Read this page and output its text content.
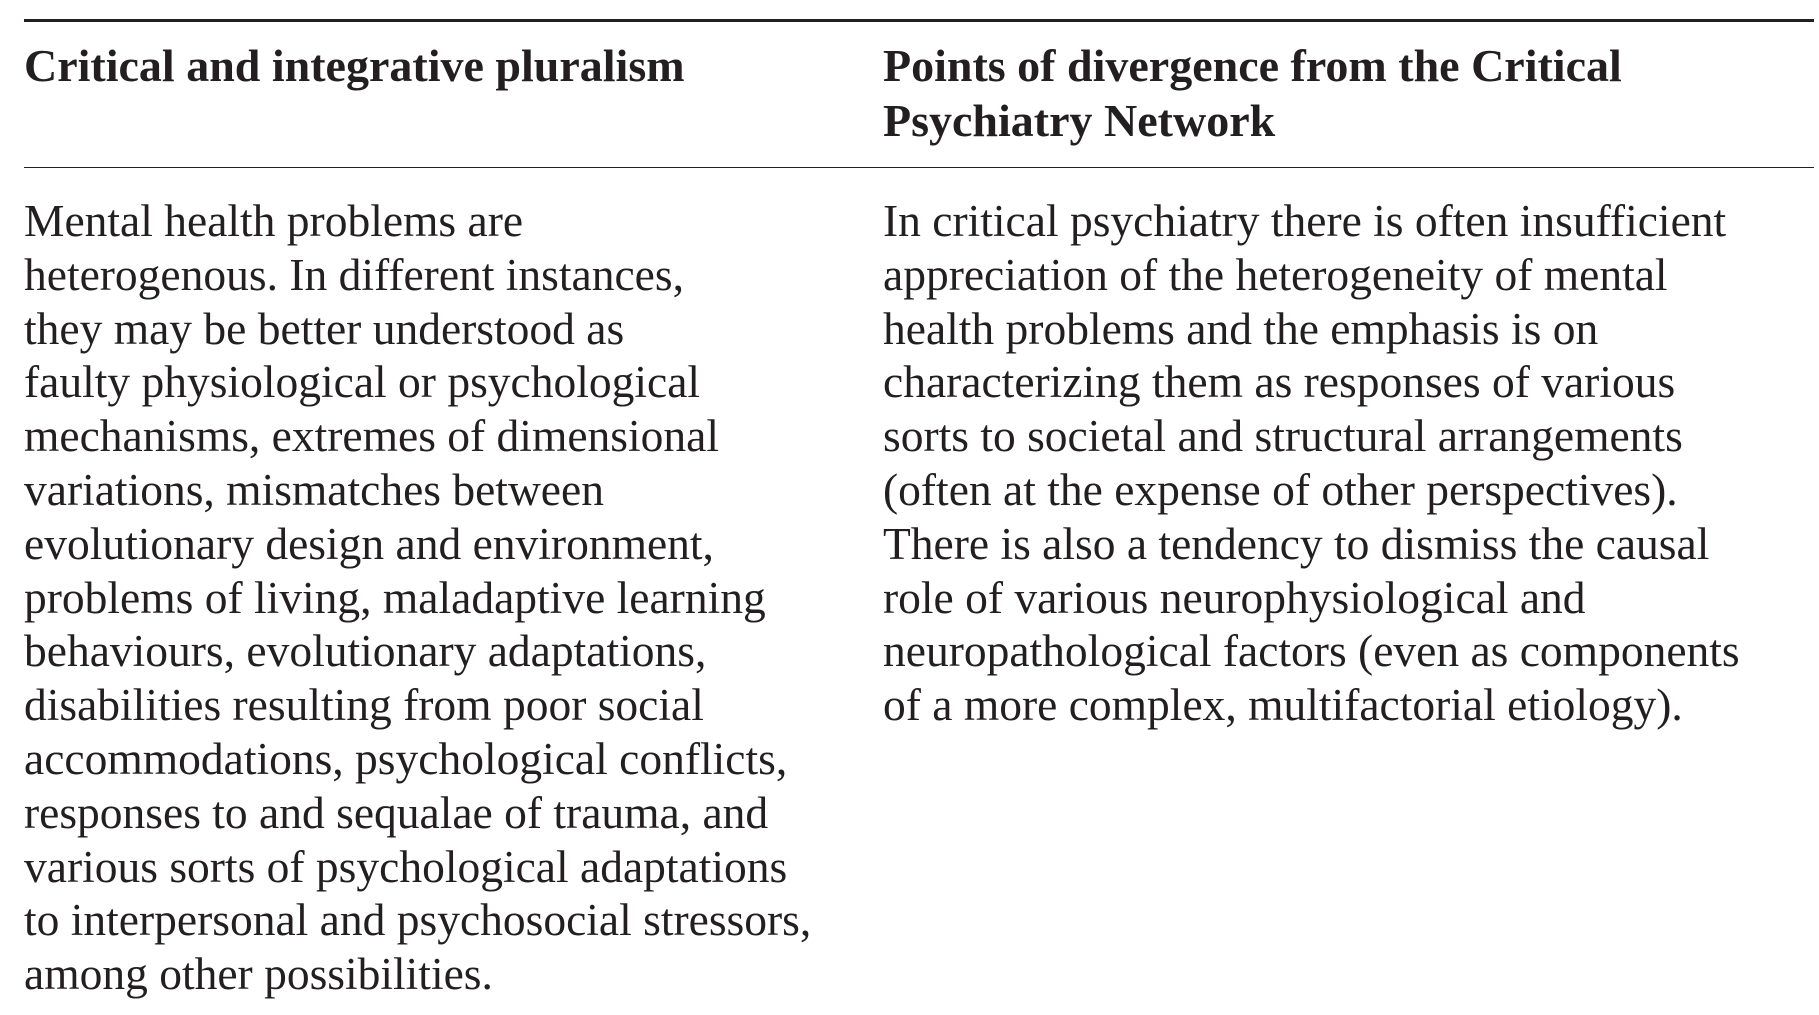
Critical and integrative pluralism	Points of divergence from the Critical
Psychiatry Network
Mental health problems are
heterogenous. In different instances,
they may be better understood as
faulty physiological or psychological
mechanisms, extremes of dimensional
variations, mismatches between
evolutionary design and environment,
problems of living, maladaptive learning
behaviours, evolutionary adaptations,
disabilities resulting from poor social
accommodations, psychological conflicts,
responses to and sequalae of trauma, and
various sorts of psychological adaptations
to interpersonal and psychosocial stressors,
among other possibilities.
In critical psychiatry there is often insufficient
appreciation of the heterogeneity of mental
health problems and the emphasis is on
characterizing them as responses of various
sorts to societal and structural arrangements
(often at the expense of other perspectives).
There is also a tendency to dismiss the causal
role of various neurophysiological and
neuropathological factors (even as components
of a more complex, multifactorial etiology).
